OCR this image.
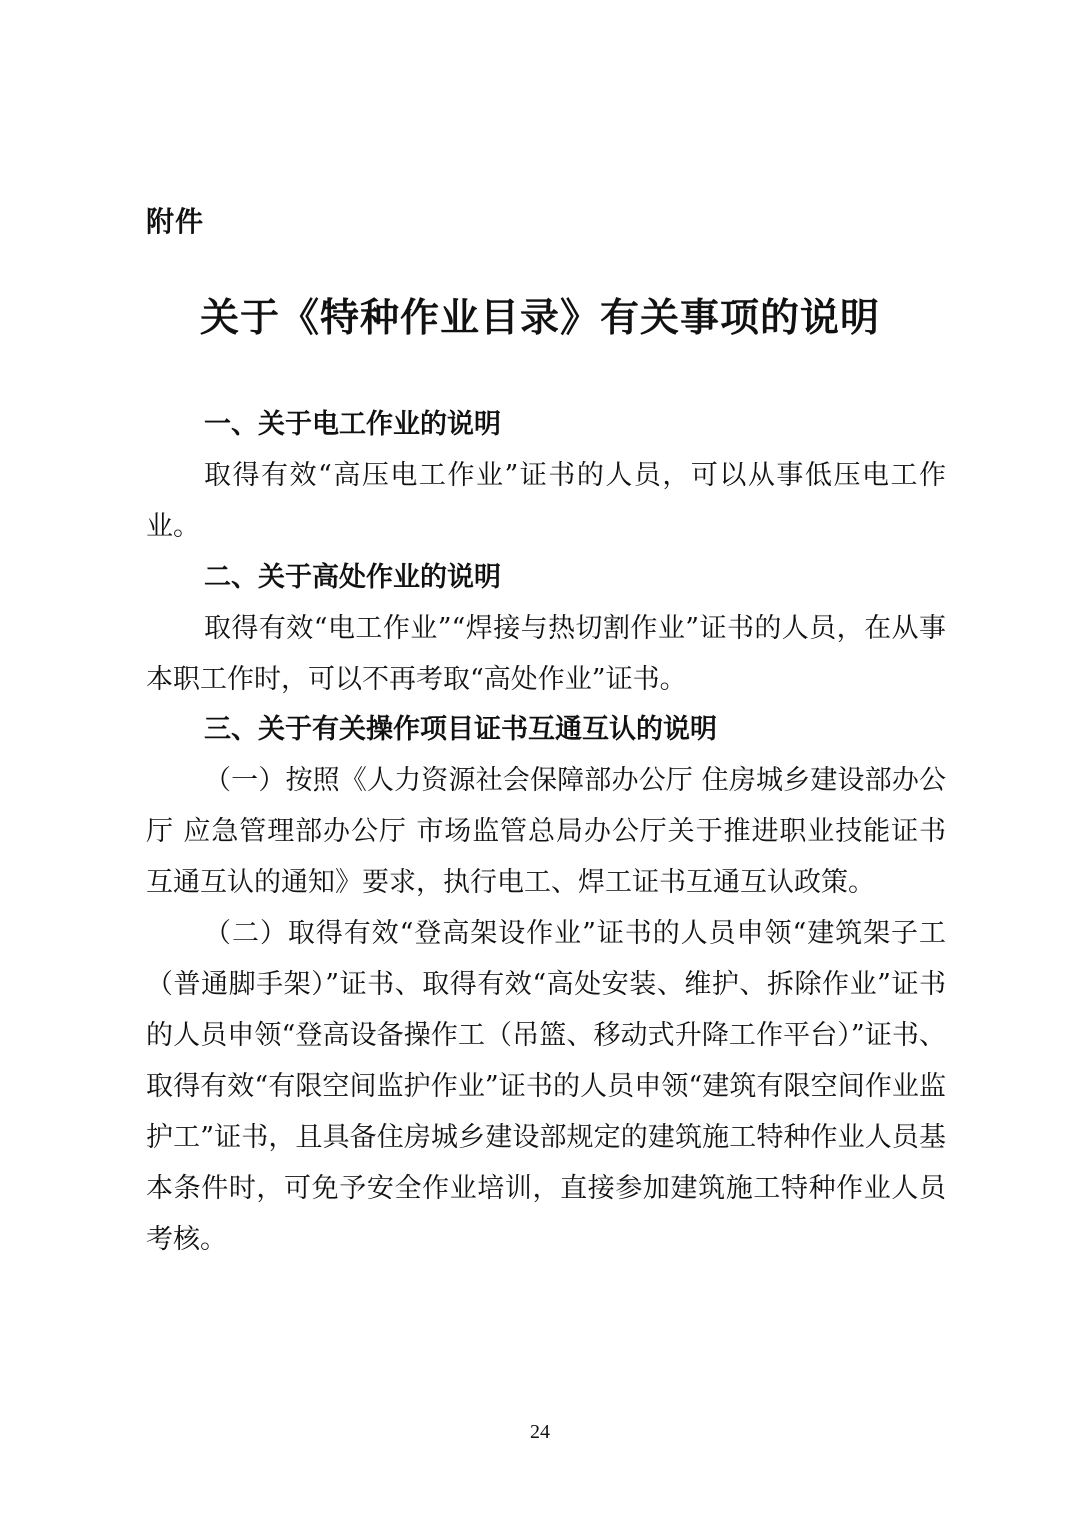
附件
关于《特种作业目录》有关事项的说明
一、关于电工作业的说明

取得有效“高压电工作业”证书的人员，可以从事低压电工作业。

二、关于高处作业的说明

取得有效“电工作业”“焊接与热切割作业”证书的人员，在从事本职工作时，可以不再考取“高处作业”证书。

三、关于有关操作项目证书互通互认的说明

（一）按照《人力资源社会保障部办公厅 住房城乡建设部办公厅 应急管理部办公厅 市场监管总局办公厅关于推进职业技能证书互通互认的通知》要求，执行电工、焊工证书互通互认政策。

（二）取得有效“登高架设作业”证书的人员申领“建筑架子工（普通脚手架）”证书、取得有效“高处安装、维护、拆除作业”证书的人员申领“登高设备操作工（吊篮、移动式升降工作平台）”证书、取得有效“有限空间监护作业”证书的人员申领“建筑有限空间作业监护工”证书，且具备住房城乡建设部规定的建筑施工特种作业人员基本条件时，可免予安全作业培训，直接参加建筑施工特种作业人员考核。

24
